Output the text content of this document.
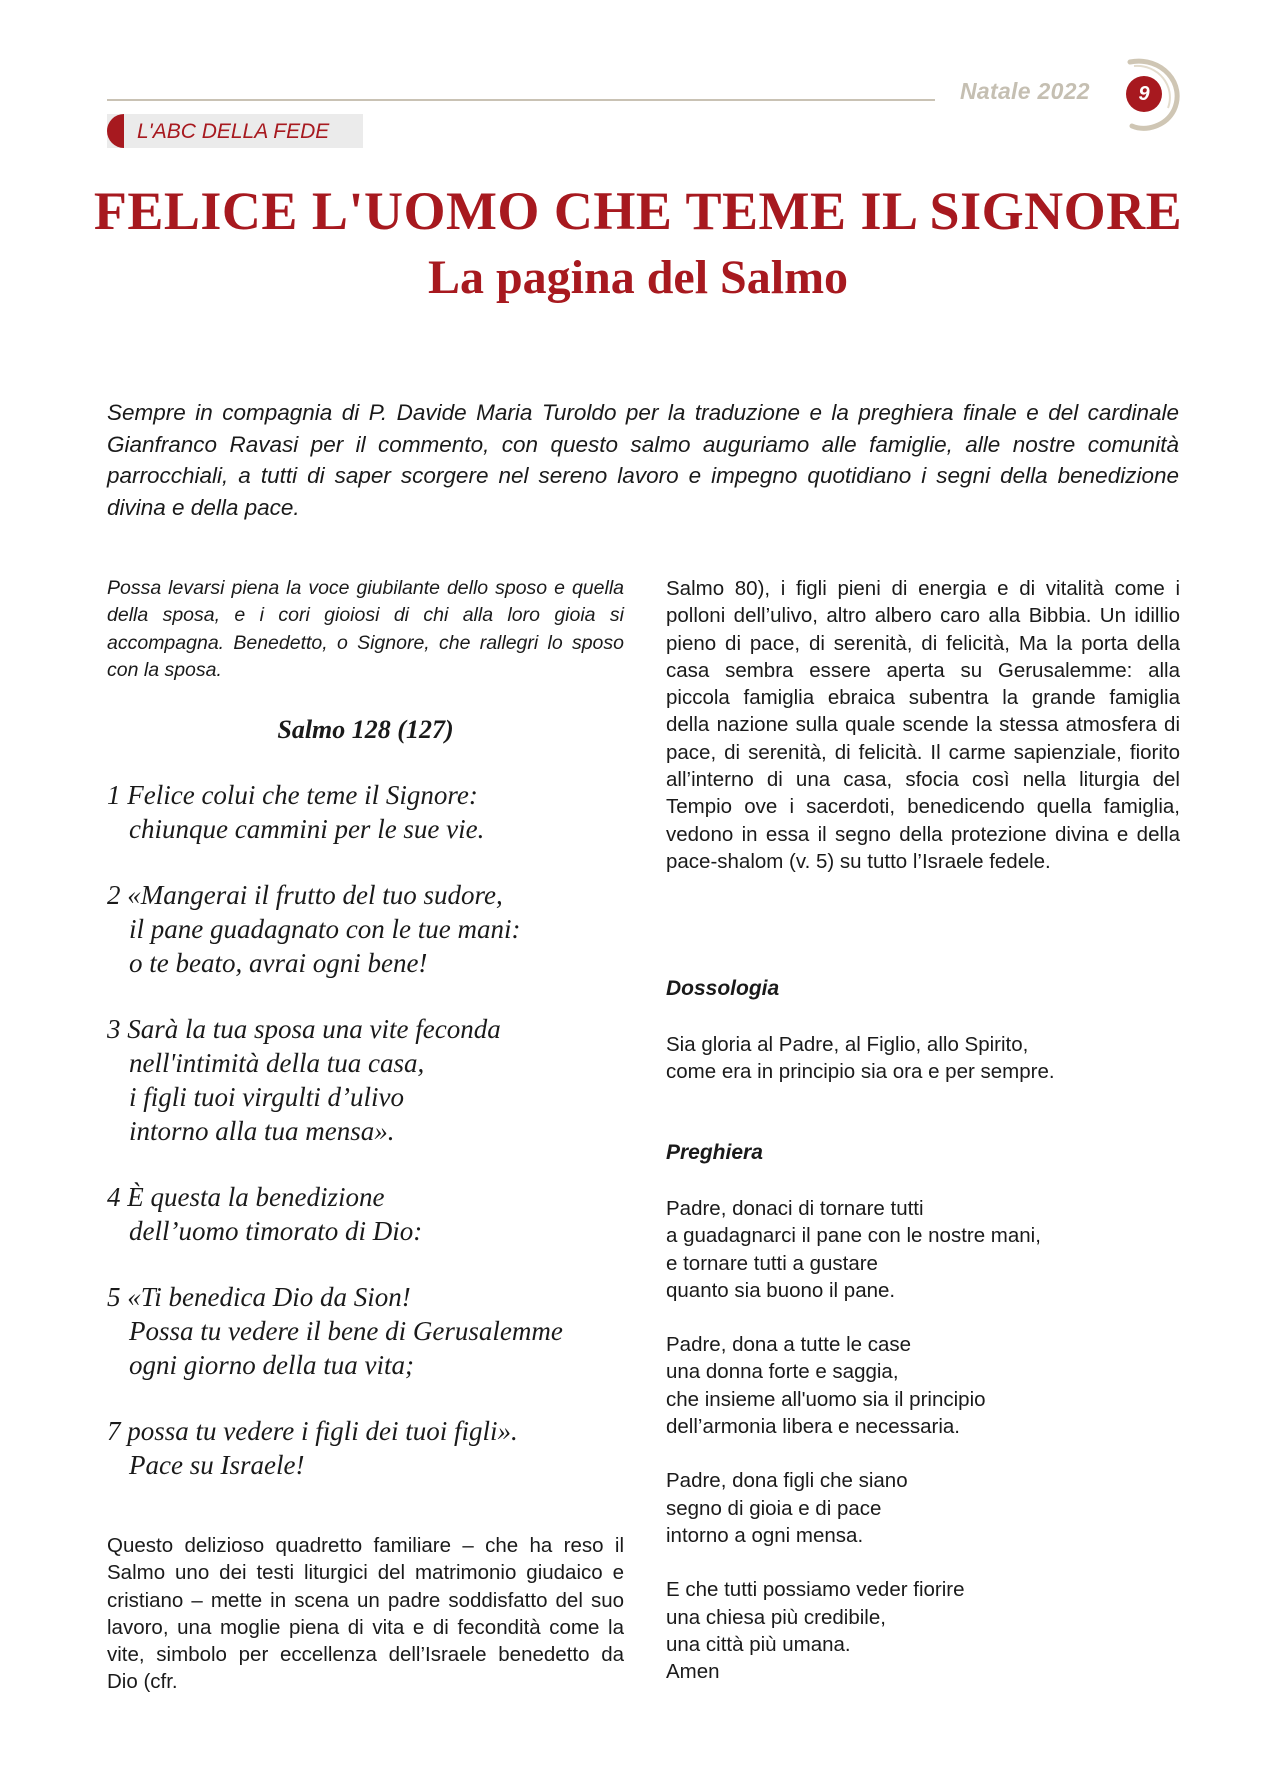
Natale 2022	9
L'ABC DELLA FEDE
FELICE L'UOMO CHE TEME IL SIGNORE
La pagina del Salmo

Sempre in compagnia di P. Davide Maria Turoldo per la traduzione e la preghiera finale e del cardinale Gianfranco Ravasi per il commento, con questo salmo auguriamo alle famiglie, alle nostre comunità parrocchiali, a tutti di saper scorgere nel sereno lavoro e impegno quotidiano i segni della benedizione divina e della pace.

Possa levarsi piena la voce giubilante dello sposo e quella della sposa, e i cori gioiosi di chi alla loro gioia si accompagna. Benedetto, o Signore, che rallegri lo sposo con la sposa.

Salmo 128 (127)

1 Felice colui che teme il Signore:
chiunque cammini per le sue vie.

2 «Mangerai il frutto del tuo sudore,
il pane guadagnato con le tue mani:
o te beato, avrai ogni bene!

3 Sarà la tua sposa una vite feconda
nell'intimità della tua casa,
i figli tuoi virgulti d’ulivo
intorno alla tua mensa».

4 È questa la benedizione
dell’uomo timorato di Dio:

5 «Ti benedica Dio da Sion!
Possa tu vedere il bene di Gerusalemme
ogni giorno della tua vita;

7 possa tu vedere i figli dei tuoi figli».
Pace su Israele!

Questo delizioso quadretto familiare – che ha reso il Salmo uno dei testi liturgici del matrimonio giudaico e cristiano – mette in scena un padre soddisfatto del suo lavoro, una moglie piena di vita e di fecondità come la vite, simbolo per eccellenza dell’Israele benedetto da Dio (cfr.

Salmo 80), i figli pieni di energia e di vitalità come i polloni dell’ulivo, altro albero caro alla Bibbia. Un idillio pieno di pace, di serenità, di felicità, Ma la porta della casa sembra essere aperta su Gerusalemme: alla piccola famiglia ebraica subentra la grande famiglia della nazione sulla quale scende la stessa atmosfera di pace, di serenità, di felicità. Il carme sapienziale, fiorito all’interno di una casa, sfocia così nella liturgia del Tempio ove i sacerdoti, benedicendo quella famiglia, vedono in essa il segno della protezione divina e della pace-shalom (v. 5) su tutto l’Israele fedele.

Dossologia
Sia gloria al Padre, al Figlio, allo Spirito,
come era in principio sia ora e per sempre.
Preghiera
Padre, donaci di tornare tutti
a guadagnarci il pane con le nostre mani,
e tornare tutti a gustare
quanto sia buono il pane.
Padre, dona a tutte le case
una donna forte e saggia,
che insieme all'uomo sia il principio
dell’armonia libera e necessaria.
Padre, dona figli che siano
segno di gioia e di pace
intorno a ogni mensa.
E che tutti possiamo veder fiorire
una chiesa più credibile,
una città più umana.
Amen
